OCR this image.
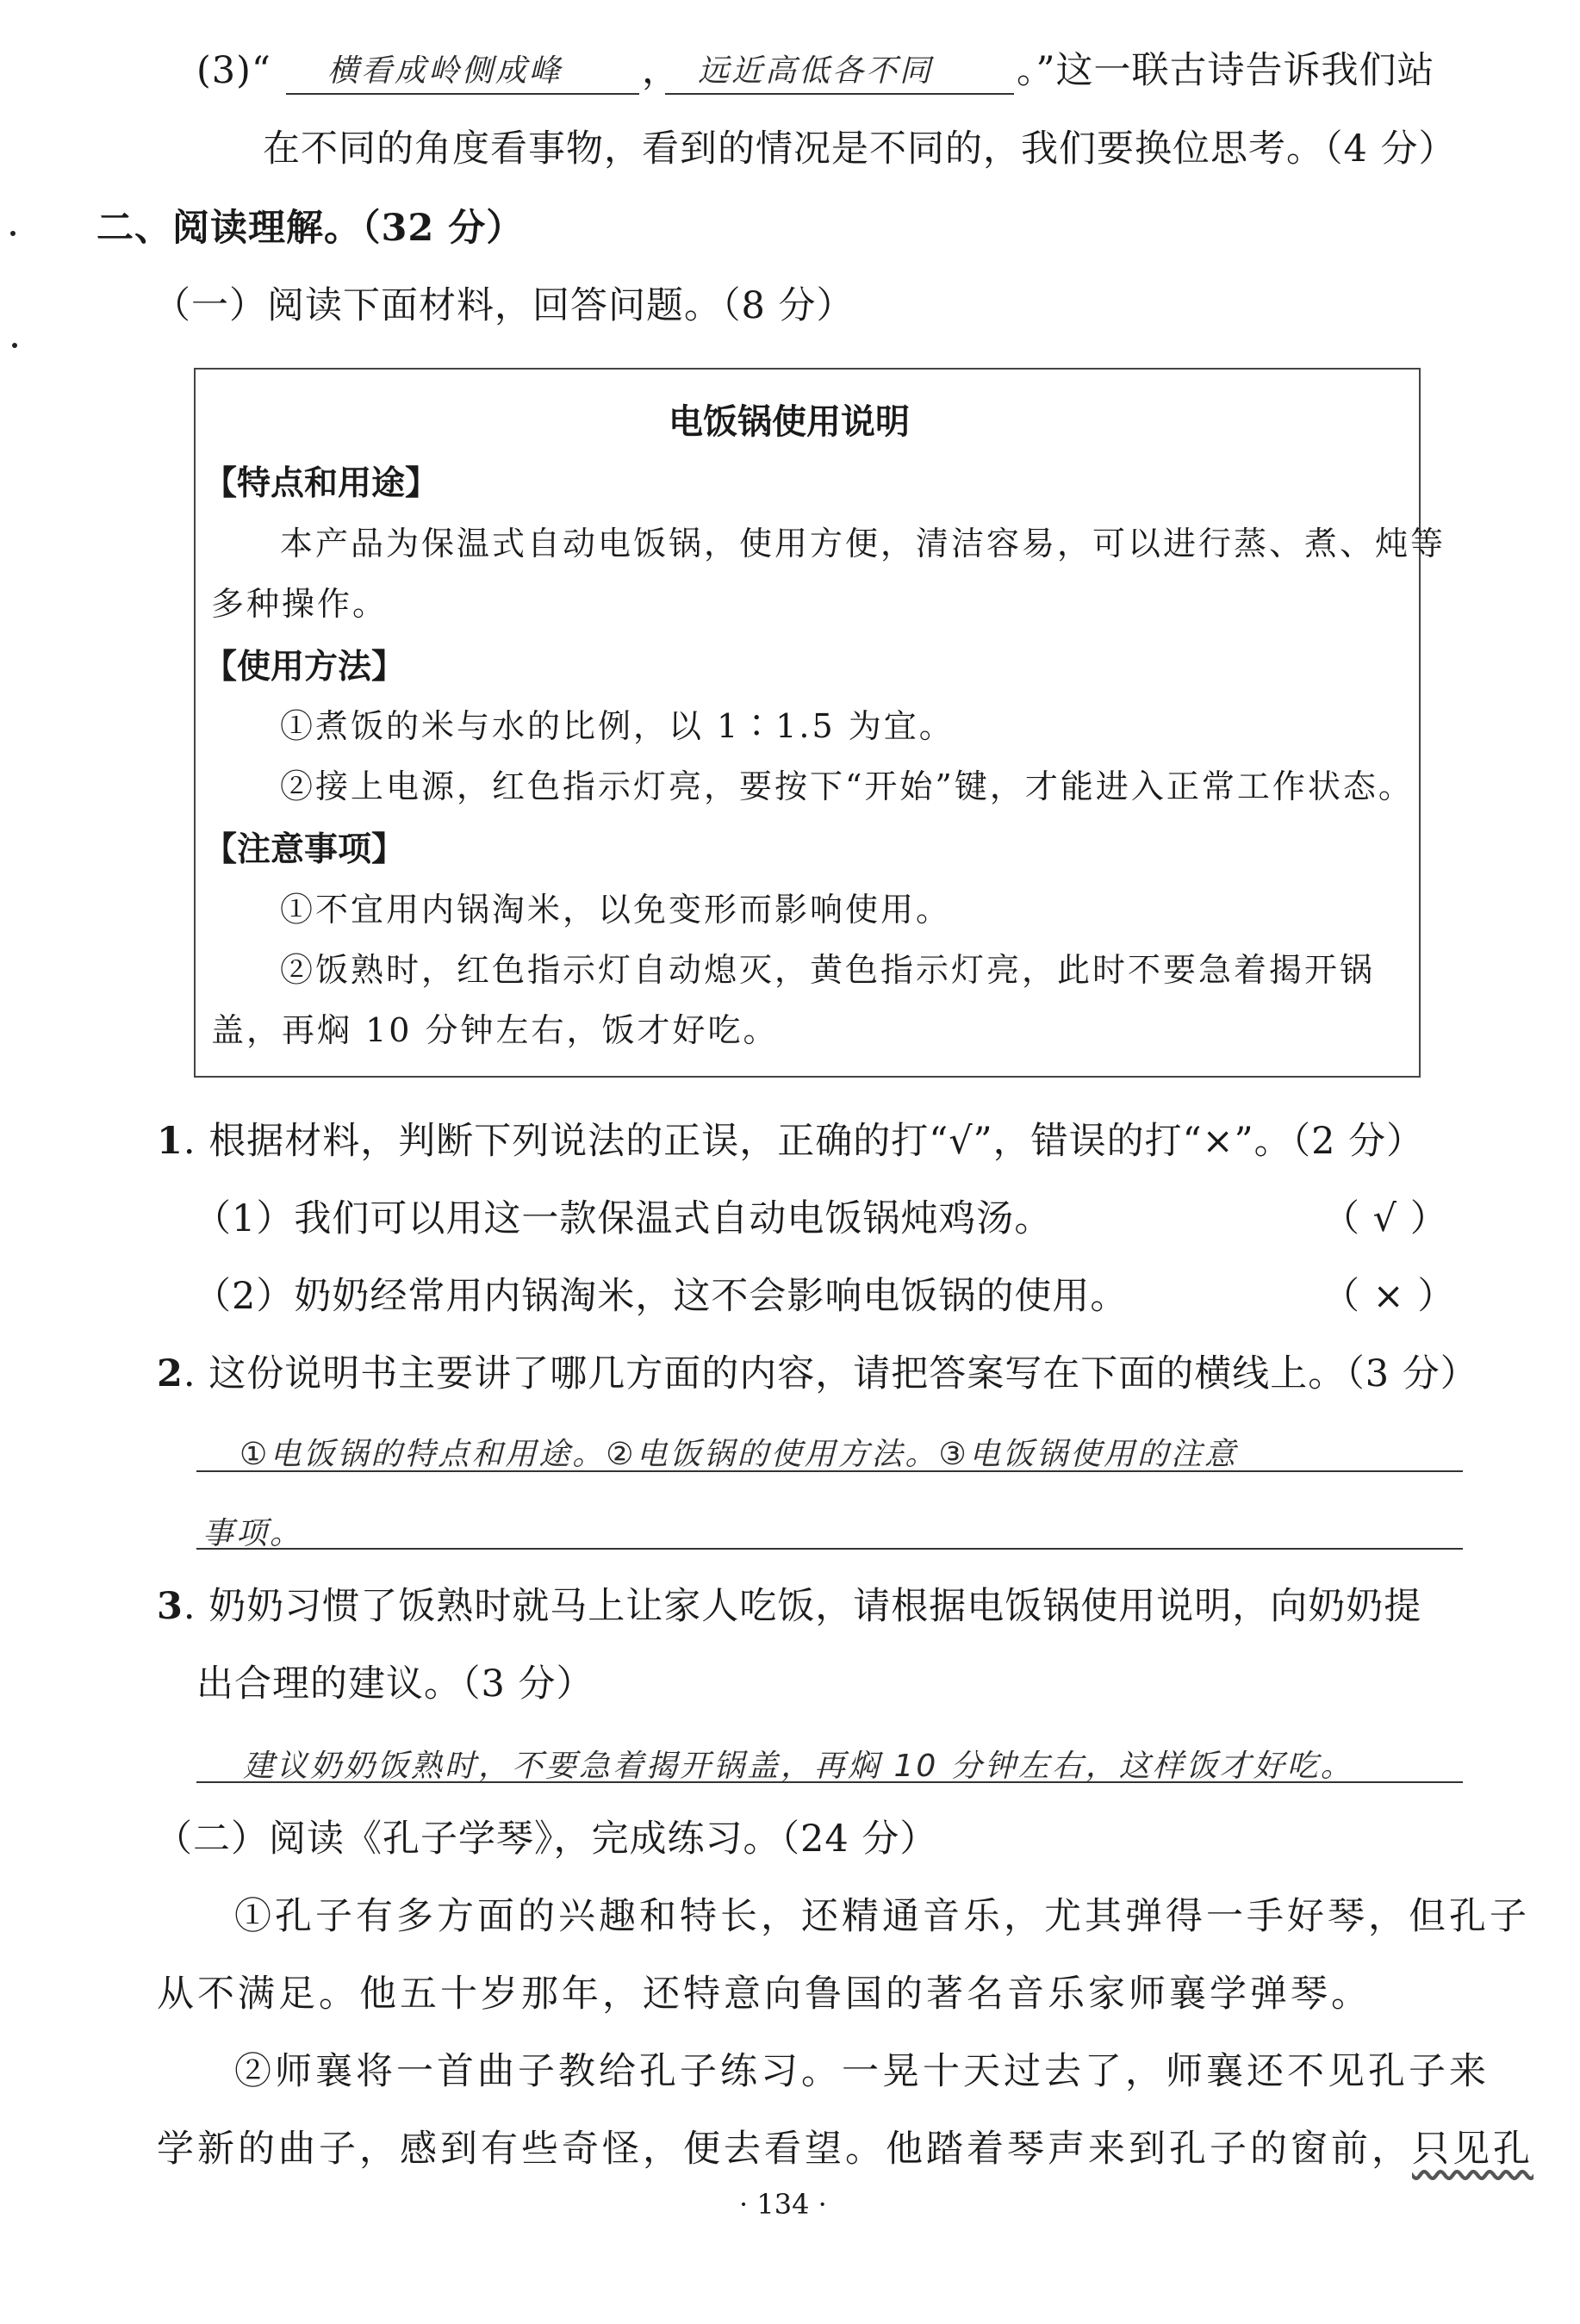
(3)“ 横看成岭侧成峰 ， 远近高低各不同 。”这一联古诗告诉我们站
在不同的角度看事物，看到的情况是不同的，我们要换位思考。（4 分）
二、阅读理解。（32 分）
（一）阅读下面材料，回答问题。（8 分）
电饭锅使用说明
【特点和用途】
本产品为保温式自动电饭锅，使用方便，清洁容易，可以进行蒸、煮、炖等
多种操作。
【使用方法】
①煮饭的米与水的比例，以 1∶1.5 为宜。
②接上电源，红色指示灯亮，要按下“开始”键，才能进入正常工作状态。
【注意事项】
①不宜用内锅淘米，以免变形而影响使用。
②饭熟时，红色指示灯自动熄灭，黄色指示灯亮，此时不要急着揭开锅
盖，再焖 10 分钟左右，饭才好吃。
1. 根据材料，判断下列说法的正误，正确的打“√”，错误的打“×”。（2 分）
（1）我们可以用这一款保温式自动电饭锅炖鸡汤。	（ √ ）
（2）奶奶经常用内锅淘米，这不会影响电饭锅的使用。	（ × ）
2. 这份说明书主要讲了哪几方面的内容，请把答案写在下面的横线上。（3 分）
①电饭锅的特点和用途。②电饭锅的使用方法。③电饭锅使用的注意
事项。
3. 奶奶习惯了饭熟时就马上让家人吃饭，请根据电饭锅使用说明，向奶奶提
出合理的建议。（3 分）
建议奶奶饭熟时，不要急着揭开锅盖，再焖 10 分钟左右，这样饭才好吃。
（二）阅读《孔子学琴》，完成练习。（24 分）
①孔子有多方面的兴趣和特长，还精通音乐，尤其弹得一手好琴，但孔子
从不满足。他五十岁那年，还特意向鲁国的著名音乐家师襄学弹琴。
②师襄将一首曲子教给孔子练习。一晃十天过去了，师襄还不见孔子来
学新的曲子，感到有些奇怪，便去看望。他踏着琴声来到孔子的窗前，只见孔
· 134 ·
